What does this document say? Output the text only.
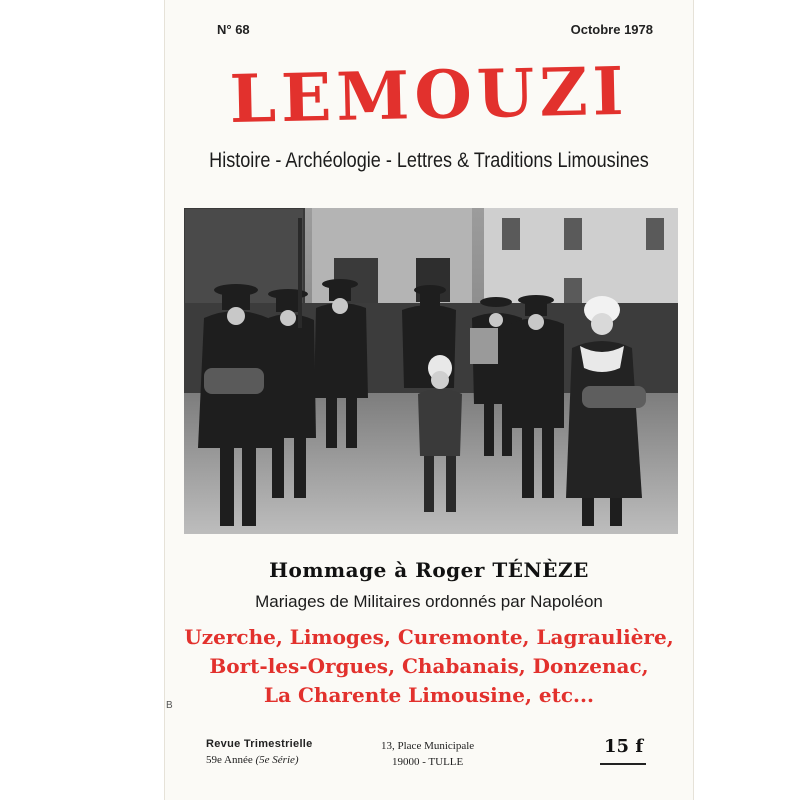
N° 68	Octobre 1978
LEMOUZI
Histoire - Archéologie - Lettres & Traditions Limousines
Hommage à Roger TÉNÈZE
Mariages de Militaires ordonnés par Napoléon
Uzerche, Limoges, Curemonte, Lagraulière,
Bort-les-Orgues, Chabanais, Donzenac,
La Charente Limousine, etc...
Revue Trimestrielle
59e Année (5e Série)
13, Place Municipale
19000 - TULLE
15 f
B
